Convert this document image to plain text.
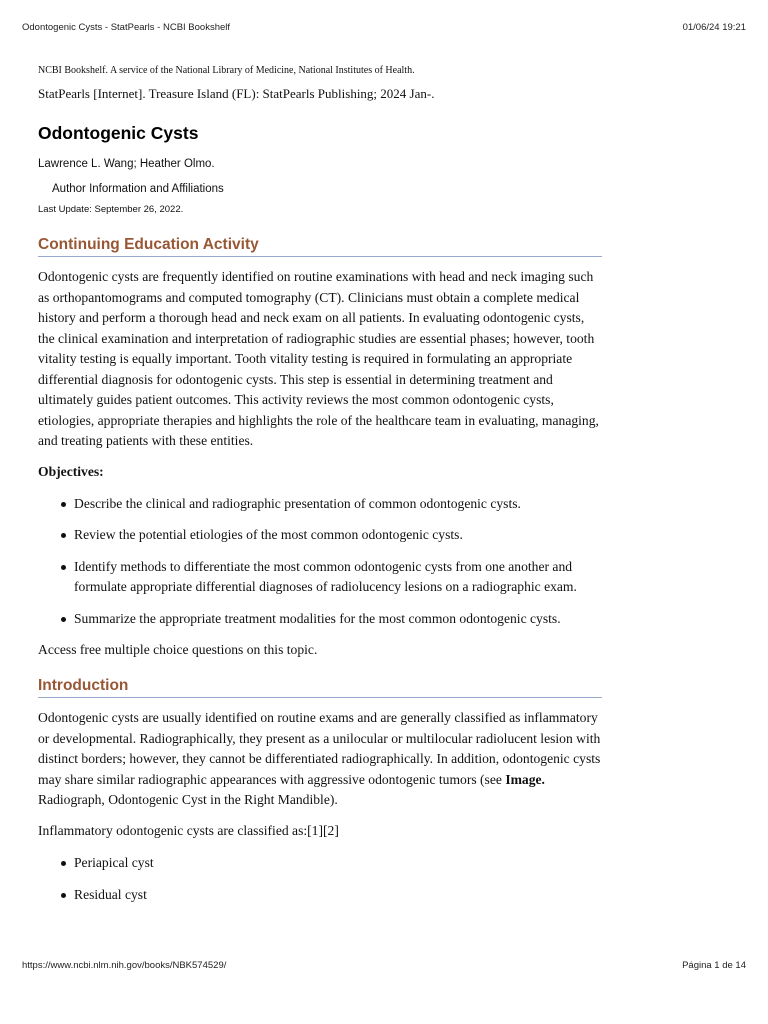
Odontogenic Cysts - StatPearls - NCBI Bookshelf	01/06/24 19:21

NCBI Bookshelf. A service of the National Library of Medicine, National Institutes of Health.

StatPearls [Internet]. Treasure Island (FL): StatPearls Publishing; 2024 Jan-.

Odontogenic Cysts

Lawrence L. Wang; Heather Olmo.

Author Information and Affiliations

Last Update: September 26, 2022.

Continuing Education Activity

Odontogenic cysts are frequently identified on routine examinations with head and neck imaging such as orthopantomograms and computed tomography (CT). Clinicians must obtain a complete medical history and perform a thorough head and neck exam on all patients. In evaluating odontogenic cysts, the clinical examination and interpretation of radiographic studies are essential phases; however, tooth vitality testing is equally important. Tooth vitality testing is required in formulating an appropriate differential diagnosis for odontogenic cysts. This step is essential in determining treatment and ultimately guides patient outcomes. This activity reviews the most common odontogenic cysts, etiologies, appropriate therapies and highlights the role of the healthcare team in evaluating, managing, and treating patients with these entities.

Objectives:

Describe the clinical and radiographic presentation of common odontogenic cysts.
Review the potential etiologies of the most common odontogenic cysts.
Identify methods to differentiate the most common odontogenic cysts from one another and formulate appropriate differential diagnoses of radiolucency lesions on a radiographic exam.
Summarize the appropriate treatment modalities for the most common odontogenic cysts.

Access free multiple choice questions on this topic.

Introduction

Odontogenic cysts are usually identified on routine exams and are generally classified as inflammatory or developmental. Radiographically, they present as a unilocular or multilocular radiolucent lesion with distinct borders; however, they cannot be differentiated radiographically. In addition, odontogenic cysts may share similar radiographic appearances with aggressive odontogenic tumors (see Image. Radiograph, Odontogenic Cyst in the Right Mandible).

Inflammatory odontogenic cysts are classified as:[1][2]

Periapical cyst
Residual cyst
https://www.ncbi.nlm.nih.gov/books/NBK574529/	Página 1 de 14
